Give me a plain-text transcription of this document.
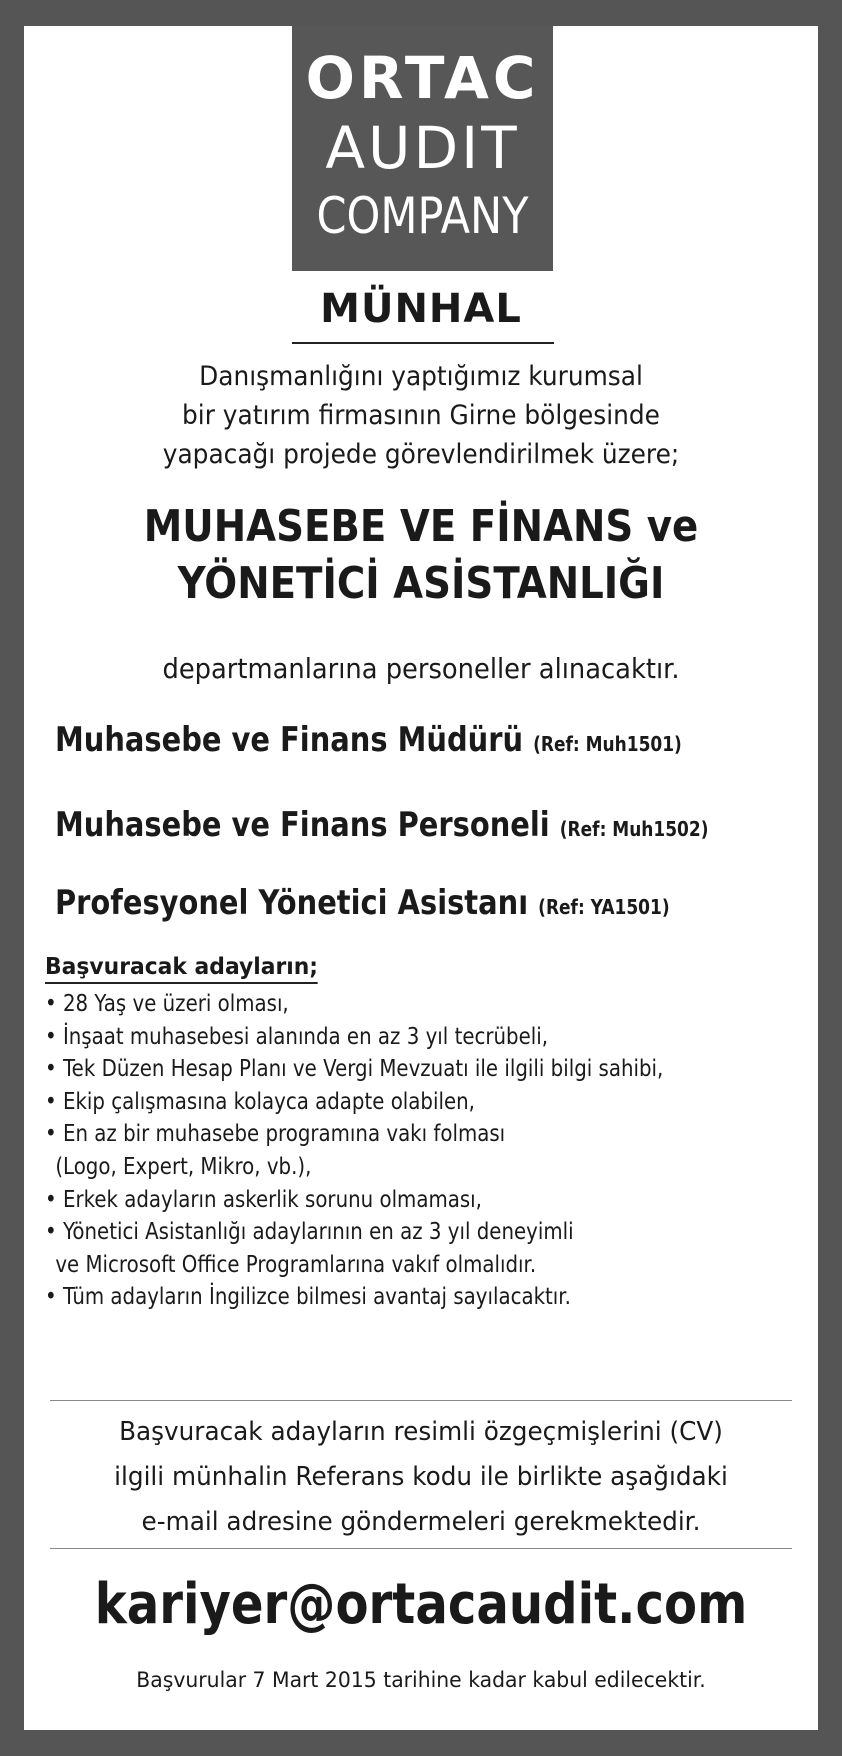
ORTAC
AUDIT
COMPANY
MÜNHAL
Danışmanlığını yaptığımız kurumsal
bir yatırım firmasının Girne bölgesinde
yapacağı projede görevlendirilmek üzere;
MUHASEBE VE FİNANS ve
YÖNETİCİ ASİSTANLIĞI
departmanlarına personeller alınacaktır.
Muhasebe ve Finans Müdürü (Ref: Muh1501)
Muhasebe ve Finans Personeli (Ref: Muh1502)
Profesyonel Yönetici Asistanı (Ref: YA1501)
Başvuracak adayların;
• 28 Yaş ve üzeri olması,
• İnşaat muhasebesi alanında en az 3 yıl tecrübeli,
• Tek Düzen Hesap Planı ve Vergi Mevzuatı ile ilgili bilgi sahibi,
• Ekip çalışmasına kolayca adapte olabilen,
• En az bir muhasebe programına vakı folması
(Logo, Expert, Mikro, vb.),
• Erkek adayların askerlik sorunu olmaması,
• Yönetici Asistanlığı adaylarının en az 3 yıl deneyimli
ve Microsoft Office Programlarına vakıf olmalıdır.
• Tüm adayların İngilizce bilmesi avantaj sayılacaktır.
Başvuracak adayların resimli özgeçmişlerini (CV)
ilgili münhalin Referans kodu ile birlikte aşağıdaki
e-mail adresine göndermeleri gerekmektedir.
kariyer@ortacaudit.com
Başvurular 7 Mart 2015 tarihine kadar kabul edilecektir.
